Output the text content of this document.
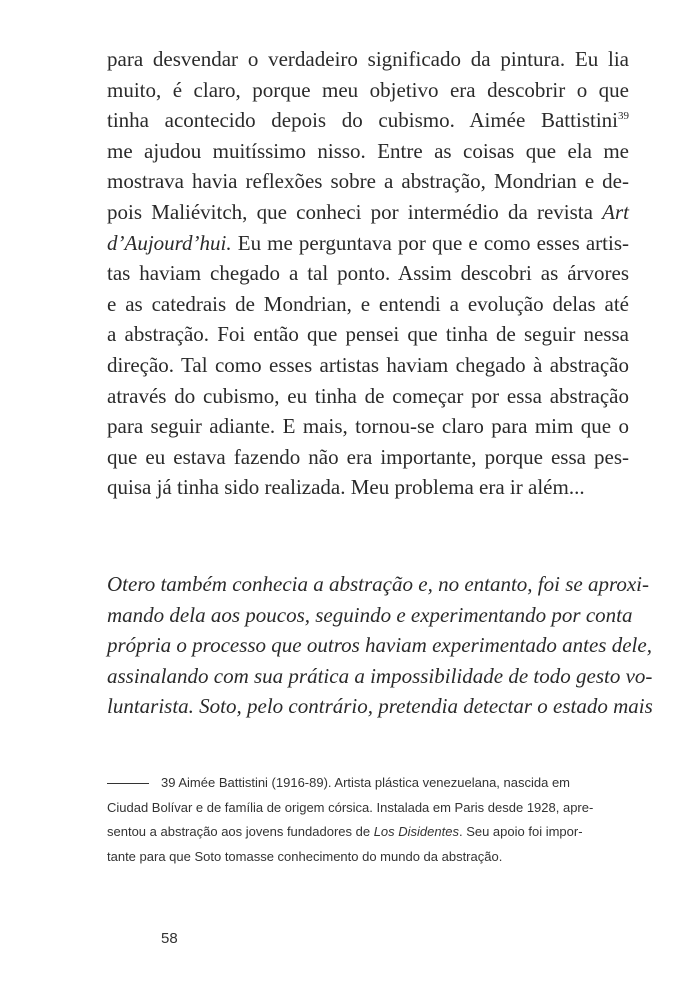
para desvendar o verdadeiro significado da pintura. Eu lia
muito, é claro, porque meu objetivo era descobrir o que
tinha acontecido depois do cubismo. Aimée Battistini$^{39}$
me ajudou muitíssimo nisso. Entre as coisas que ela me
mostrava havia reflexões sobre a abstração, Mondrian e de-
pois Maliévitch, que conheci por intermédio da revista Art
d’Aujourd’hui. Eu me perguntava por que e como esses artis-
tas haviam chegado a tal ponto. Assim descobri as árvores
e as catedrais de Mondrian, e entendi a evolução delas até
a abstração. Foi então que pensei que tinha de seguir nessa
direção. Tal como esses artistas haviam chegado à abstração
através do cubismo, eu tinha de começar por essa abstração
para seguir adiante. E mais, tornou-se claro para mim que o
que eu estava fazendo não era importante, porque essa pes-
quisa já tinha sido realizada. Meu problema era ir além...
Otero também conhecia a abstração e, no entanto, foi se aproxi-
mando dela aos poucos, seguindo e experimentando por conta
própria o processo que outros haviam experimentado antes dele,
assinalando com sua prática a impossibilidade de todo gesto vo-
luntarista. Soto, pelo contrário, pretendia detectar o estado mais
39 Aimée Battistini (1916-89). Artista plástica venezuelana, nascida em
Ciudad Bolívar e de família de origem córsica. Instalada em Paris desde 1928, apre-
sentou a abstração aos jovens fundadores de Los Disidentes. Seu apoio foi impor-
tante para que Soto tomasse conhecimento do mundo da abstração.
58
